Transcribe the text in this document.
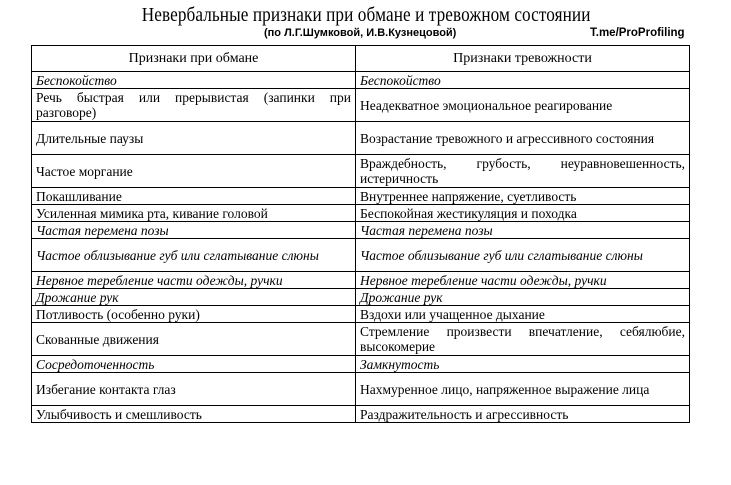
Невербальные признаки при обмане и тревожном состоянии
(по Л.Г.Шумковой, И.В.Кузнецовой)	T.me/ProProfiling
Признаки при обмане	Признаки тревожности
Беспокойство	Беспокойство
Речь быстрая или прерывистая (запинки при разговоре)	Неадекватное эмоциональное реагирование
Длительные паузы	Возрастание тревожного и агрессивного состояния
Частое моргание	Враждебность, грубость, неуравновешенность, истеричность
Покашливание	Внутреннее напряжение, суетливость
Усиленная мимика рта, кивание головой	Беспокойная жестикуляция и походка
Частая перемена позы	Частая перемена позы
Частое облизывание губ или сглатывание слюны	Частое облизывание губ или сглатывание слюны
Нервное теребление части одежды, ручки	Нервное теребление части одежды, ручки
Дрожание рук	Дрожание рук
Потливость (особенно руки)	Вздохи или учащенное дыхание
Скованные движения	Стремление произвести впечатление, себялюбие, высокомерие
Сосредоточенность	Замкнутость
Избегание контакта глаз	Нахмуренное лицо, напряженное выражение лица
Улыбчивость и смешливость	Раздражительность и агрессивность
